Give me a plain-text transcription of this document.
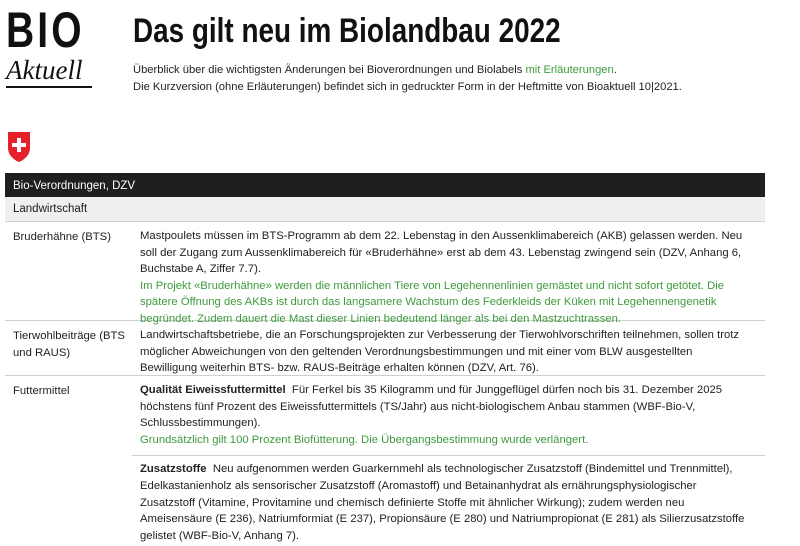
BIO
Aktuell
Das gilt neu im Biolandbau 2022

Überblick über die wichtigsten Änderungen bei Bioverordnungen und Biolabels mit Erläuterungen.

Die Kurzversion (ohne Erläuterungen) befindet sich in gedruckter Form in der Heftmitte von Bioaktuell 10|2021.

Bio-Verordnungen, DZV
Landwirtschaft
Bruderhähne (BTS)	Mastpoulets müssen im BTS-Programm ab dem 22. Lebenstag in den Aussenklimabereich (AKB) gelassen werden. Neu soll der Zugang zum Aussenklimabereich für «Bruderhähne» erst ab dem 43. Lebenstag zwingend sein (DZV, Anhang 6, Buchstabe A, Ziffer 7.7).
Im Projekt «Bruderhähne» werden die männlichen Tiere von Legehennenlinien gemästet und nicht sofort getötet. Die spätere Öffnung des AKBs ist durch das langsamere Wachstum des Federkleids der Küken mit Legehennengenetik begründet. Zudem dauert die Mast dieser Linien bedeutend länger als bei den Mastzuchtrassen.
Tierwohlbeiträge (BTS und RAUS)
Landwirtschaftsbetriebe, die an Forschungsprojekten zur Verbesserung der Tierwohlvorschriften teilnehmen, sollen trotz möglicher Abweichungen von den geltenden Verordnungsbestimmungen und mit einer vom BLW ausgestellten Bewilligung weiterhin BTS- bzw. RAUS-Beiträge erhalten können (DZV, Art. 76).
Futtermittel	Qualität Eiweissfuttermittel Für Ferkel bis 35 Kilogramm und für Junggeflügel dürfen noch bis 31. Dezember 2025 höchstens fünf Prozent des Eiweissfuttermittels (TS/Jahr) aus nicht-biologischem Anbau stammen (WBF-Bio-V, Schlussbestimmungen).
Grundsätzlich gilt 100 Prozent Biofütterung. Die Übergangsbestimmung wurde verlängert.
Zusatzstoffe Neu aufgenommen werden Guarkernmehl als technologischer Zusatzstoff (Bindemittel und Trennmittel), Edelkastanienholz als sensorischer Zusatzstoff (Aromastoff) und Betainanhydrat als ernährungsphysiologischer Zusatzstoff (Vitamine, Provitamine und chemisch definierte Stoffe mit ähnlicher Wirkung); zudem werden neu Ameisensäure (E 236), Natriumformiat (E 237), Propionsäure (E 280) und Natriumpropionat (E 281) als Silierzusatzstoffe gelistet (WBF-Bio-V, Anhang 7).
